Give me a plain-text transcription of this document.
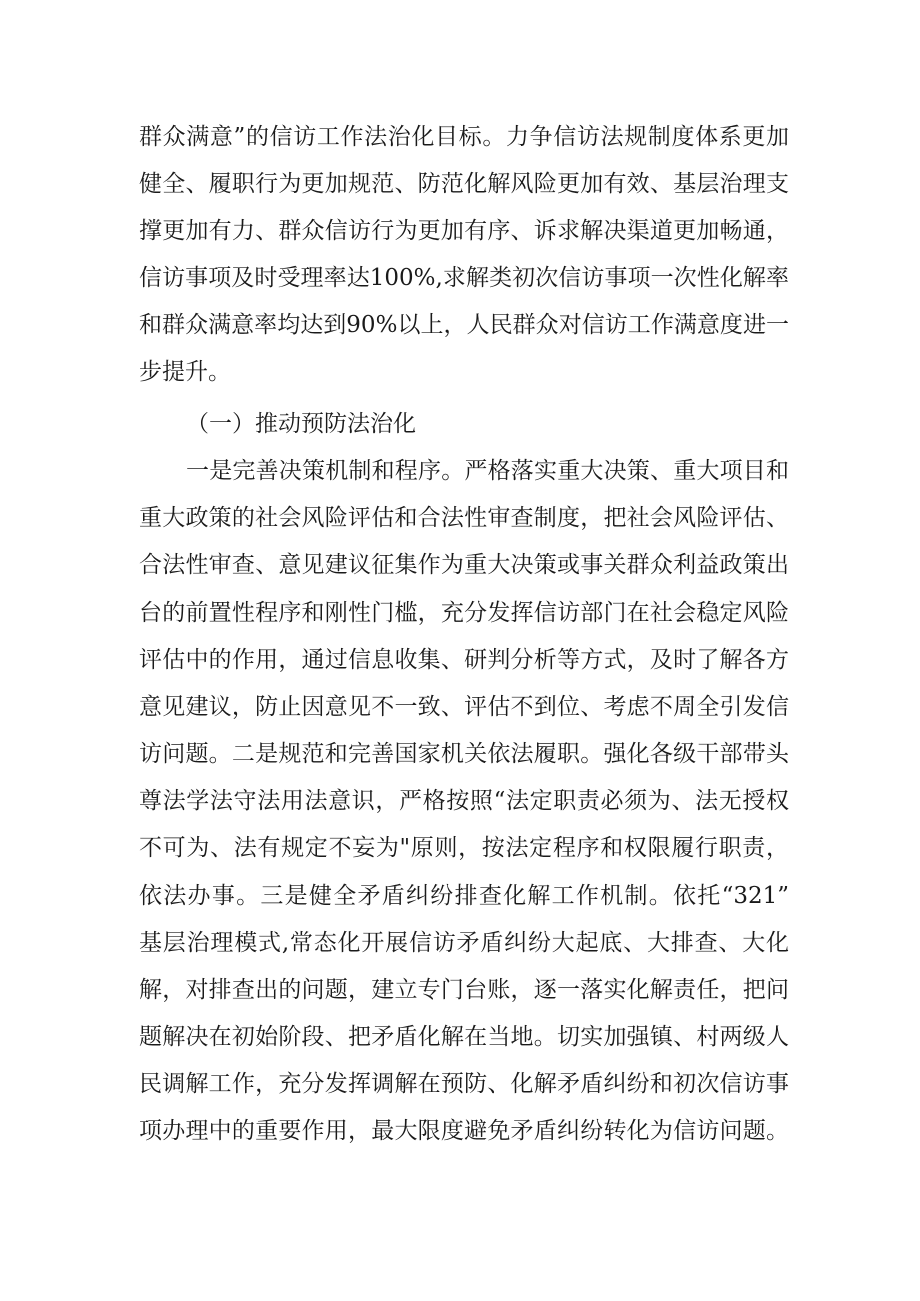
群众满意”的信访工作法治化目标。力争信访法规制度体系更加
健全、履职行为更加规范、防范化解风险更加有效、基层治理支
撑更加有力、群众信访行为更加有序、诉求解决渠道更加畅通，
信访事项及时受理率达100%,求解类初次信访事项一次性化解率
和群众满意率均达到90%以上，人民群众对信访工作满意度进一
步提升。
（一）推动预防法治化
一是完善决策机制和程序。严格落实重大决策、重大项目和
重大政策的社会风险评估和合法性审查制度，把社会风险评估、
合法性审查、意见建议征集作为重大决策或事关群众利益政策出
台的前置性程序和刚性门槛，充分发挥信访部门在社会稳定风险
评估中的作用，通过信息收集、研判分析等方式，及时了解各方
意见建议，防止因意见不一致、评估不到位、考虑不周全引发信
访问题。二是规范和完善国家机关依法履职。强化各级干部带头
尊法学法守法用法意识，严格按照“法定职责必须为、法无授权
不可为、法有规定不妄为"原则，按法定程序和权限履行职责，
依法办事。三是健全矛盾纠纷排查化解工作机制。依托“321”
基层治理模式,常态化开展信访矛盾纠纷大起底、大排查、大化
解，对排查出的问题，建立专门台账，逐一落实化解责任，把问
题解决在初始阶段、把矛盾化解在当地。切实加强镇、村两级人
民调解工作，充分发挥调解在预防、化解矛盾纠纷和初次信访事
项办理中的重要作用，最大限度避免矛盾纠纷转化为信访问题。
